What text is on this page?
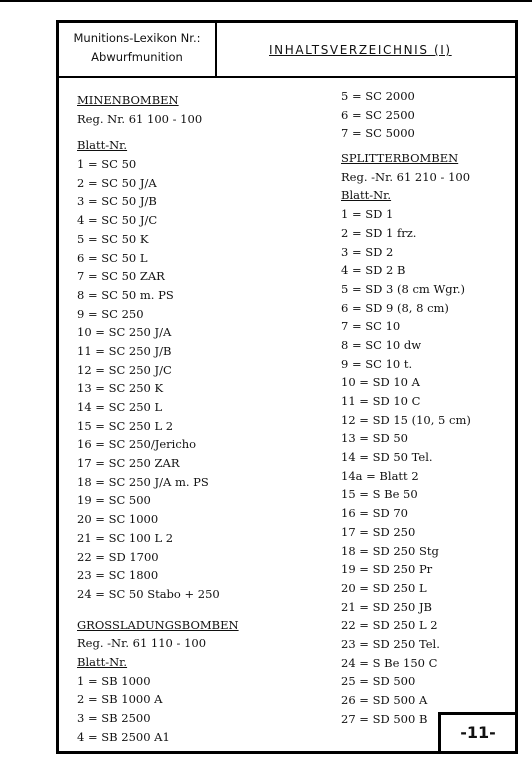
Munitions-Lexikon Nr.:
Abwurfmunition	INHALTSVERZEICHNIS (I)
MINENBOMBEN
Reg. Nr. 61 100 - 100
Blatt-Nr.
1 = SC 50
2 = SC 50 J/A
3 = SC 50 J/B
4 = SC 50 J/C
5 = SC 50 K
6 = SC 50 L
7 = SC 50 ZAR
8 = SC 50 m. PS
9 = SC 250
10 = SC 250 J/A
11 = SC 250 J/B
12 = SC 250 J/C
13 = SC 250 K
14 = SC 250 L
15 = SC 250 L 2
16 = SC 250/Jericho
17 = SC 250 ZAR
18 = SC 250 J/A m. PS
19 = SC 500
20 = SC 1000
21 = SC 100 L 2
22 = SD 1700
23 = SC 1800
24 = SC 50 Stabo + 250
GROSSLADUNGSBOMBEN
Reg. -Nr. 61 110 - 100
Blatt-Nr.
1 = SB 1000
2 = SB 1000 A
3 = SB 2500
4 = SB 2500 A1
5 = SC 2000
6 = SC 2500
7 = SC 5000
SPLITTERBOMBEN
Reg. -Nr. 61 210 - 100
Blatt-Nr.
1 = SD 1
2 = SD 1 frz.
3 = SD 2
4 = SD 2 B
5 = SD 3 (8 cm Wgr.)
6 = SD 9 (8, 8 cm)
7 = SC 10
8 = SC 10 dw
9 = SC 10 t.
10 = SD 10 A
11 = SD 10 C
12 = SD 15 (10, 5 cm)
13 = SD 50
14 = SD 50 Tel.
14a = Blatt 2
15 = S Be 50
16 = SD 70
17 = SD 250
18 = SD 250 Stg
19 = SD 250 Pr
20 = SD 250 L
21 = SD 250 JB
22 = SD 250 L 2
23 = SD 250 Tel.
24 = S Be 150 C
25 = SD 500
26 = SD 500 A
27 = SD 500 B
-11-
